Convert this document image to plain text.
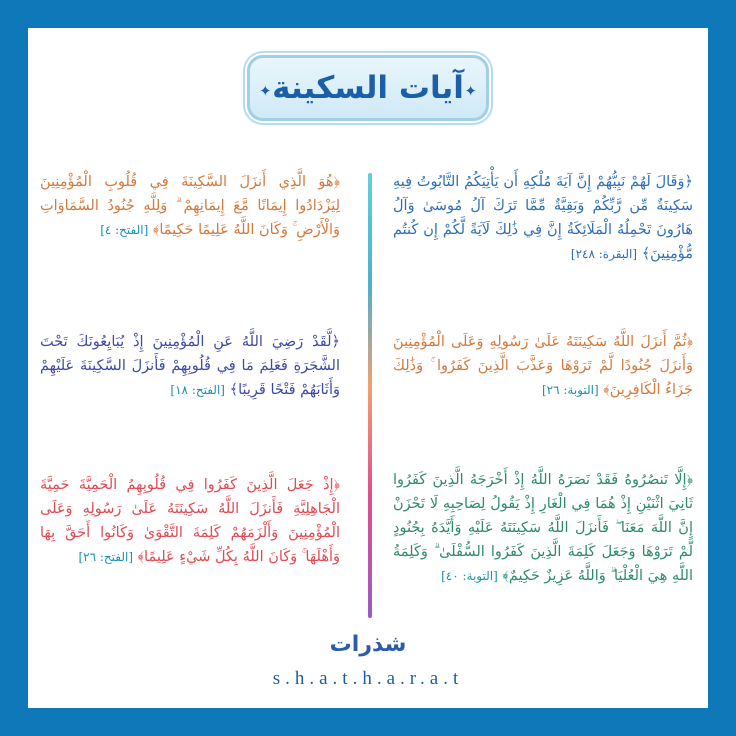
✦ آيات السكينة ✦
﴿وَقَالَ لَهُمْ نَبِيُّهُمْ إِنَّ آيَةَ مُلْكِهِ أَن يَأْتِيَكُمُ التَّابُوتُ فِيهِ سَكِينَةٌ مِّن رَّبِّكُمْ وَبَقِيَّةٌ مِّمَّا تَرَكَ آلُ مُوسَىٰ وَآلُ هَارُونَ تَحْمِلُهُ الْمَلَائِكَةُ إِنَّ فِي ذَٰلِكَ لَآيَةً لَّكُمْ إِن كُنتُم مُّؤْمِنِينَ﴾ [البقرة: ٢٤٨]
﴿هُوَ الَّذِي أَنزَلَ السَّكِينَةَ فِي قُلُوبِ الْمُؤْمِنِينَ لِيَزْدَادُوا إِيمَانًا مَّعَ إِيمَانِهِمْ ۗ وَلِلَّهِ جُنُودُ السَّمَاوَاتِ وَالْأَرْضِ ۚ وَكَانَ اللَّهُ عَلِيمًا حَكِيمًا﴾ [الفتح: ٤]
﴿ثُمَّ أَنزَلَ اللَّهُ سَكِينَتَهُ عَلَىٰ رَسُولِهِ وَعَلَى الْمُؤْمِنِينَ وَأَنزَلَ جُنُودًا لَّمْ تَرَوْهَا وَعَذَّبَ الَّذِينَ كَفَرُوا ۚ وَذَٰلِكَ جَزَاءُ الْكَافِرِينَ﴾ [التوبة: ٢٦]
﴿لَّقَدْ رَضِيَ اللَّهُ عَنِ الْمُؤْمِنِينَ إِذْ يُبَايِعُونَكَ تَحْتَ الشَّجَرَةِ فَعَلِمَ مَا فِي قُلُوبِهِمْ فَأَنزَلَ السَّكِينَةَ عَلَيْهِمْ وَأَثَابَهُمْ فَتْحًا قَرِيبًا﴾ [الفتح: ١٨]
﴿إِلَّا تَنصُرُوهُ فَقَدْ نَصَرَهُ اللَّهُ إِذْ أَخْرَجَهُ الَّذِينَ كَفَرُوا ثَانِيَ اثْنَيْنِ إِذْ هُمَا فِي الْغَارِ إِذْ يَقُولُ لِصَاحِبِهِ لَا تَحْزَنْ إِنَّ اللَّهَ مَعَنَا ۖ فَأَنزَلَ اللَّهُ سَكِينَتَهُ عَلَيْهِ وَأَيَّدَهُ بِجُنُودٍ لَّمْ تَرَوْهَا وَجَعَلَ كَلِمَةَ الَّذِينَ كَفَرُوا السُّفْلَىٰ ۗ وَكَلِمَةُ اللَّهِ هِيَ الْعُلْيَا ۗ وَاللَّهُ عَزِيزٌ حَكِيمٌ﴾ [التوبة: ٤٠]
﴿إِذْ جَعَلَ الَّذِينَ كَفَرُوا فِي قُلُوبِهِمُ الْحَمِيَّةَ حَمِيَّةَ الْجَاهِلِيَّةِ فَأَنزَلَ اللَّهُ سَكِينَتَهُ عَلَىٰ رَسُولِهِ وَعَلَى الْمُؤْمِنِينَ وَأَلْزَمَهُمْ كَلِمَةَ التَّقْوَىٰ وَكَانُوا أَحَقَّ بِهَا وَأَهْلَهَا ۚ وَكَانَ اللَّهُ بِكُلِّ شَيْءٍ عَلِيمًا﴾ [الفتح: ٢٦]
شذرات
s.h.a.t.h.a.r.a.t
